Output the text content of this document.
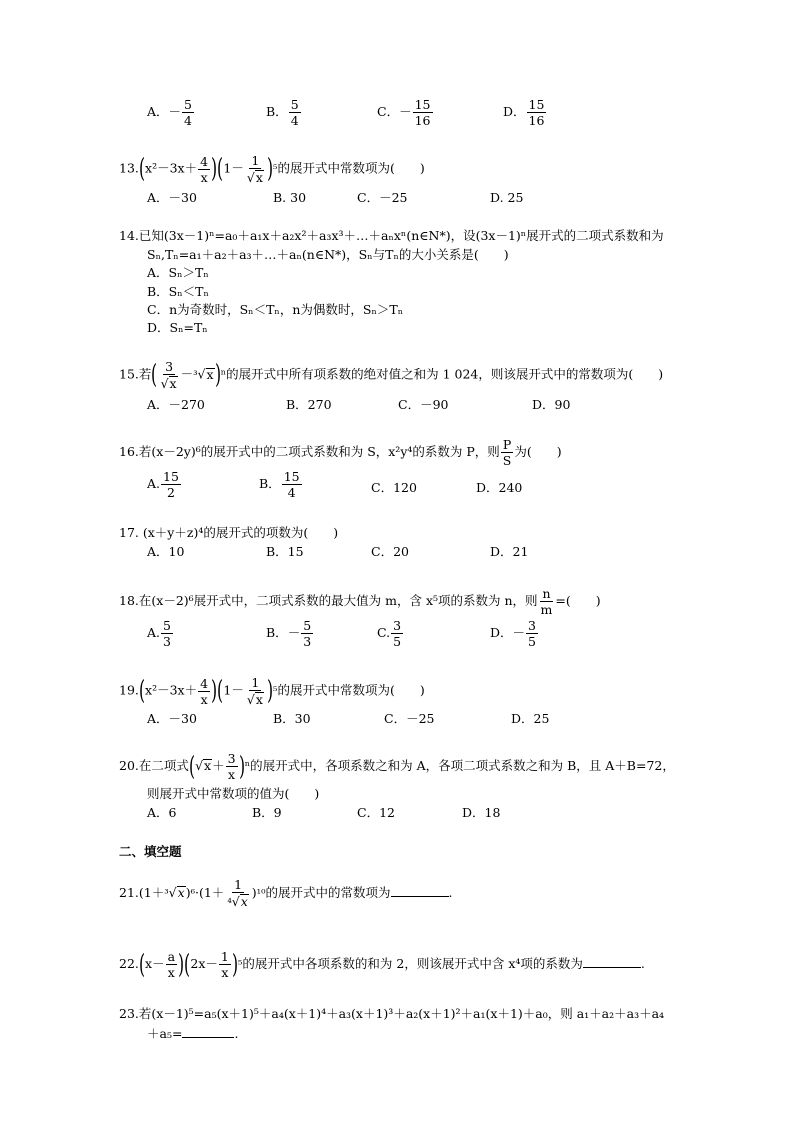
A．－ $\frac{5}{4}$	B． $\frac{5}{4}$	C．－ $\frac{15}{16}$	D． $\frac{15}{16}$
$13.(x^2-3x+ \frac{4}{x} )(1- \frac{1}{√x} )^5$的展开式中常数项为(　　)
A．－30	B. 30	C．－25	D. 25
14.已知(3x－1)ⁿ=a₀＋a₁x＋a₂x²＋a₃x³＋…＋aₙxⁿ(n∈N*)，设(3x－1)ⁿ展开式的二项式系数和为
Sₙ,Tₙ=a₁＋a₂＋a₃＋…＋aₙ(n∈N*)，Sₙ与Tₙ的大小关系是(　　)
A．Sₙ＞Tₙ
B．Sₙ＜Tₙ
C．n为奇数时，Sₙ＜Tₙ，n为偶数时，Sₙ＞Tₙ
D．Sₙ=Tₙ
15.若( $\frac{3}{√x} -^3√x)^n$的展开式中所有项系数的绝对值之和为 1 024，则该展开式中的常数项为(　　)
A．－270	B．270	C．－90	D．90
16.若(x－2y)⁶的展开式中的二项式系数和为 S，x²y⁴的系数为 P，则 $\frac{P}{S}$ 为(　　)
A. $\frac{15}{2}$	B． $\frac{15}{4}$	C．120	D．240
17. (x＋y＋z)⁴的展开式的项数为(　　)
A．10	B．15	C．20	D．21
18.在(x－2)⁶展开式中，二项式系数的最大值为 m，含 x⁵项的系数为 n，则 $\frac{n}{m}$ =(　　)
A. $\frac{5}{3}$	B．－ $\frac{5}{3}$	C. $\frac{3}{5}$	D．－ $\frac{3}{5}$
$19.(x^2-3x+ \frac{4}{x} )(1- \frac{1}{√x} )^5$的展开式中常数项为(　　)
A．－30	B．30	C．－25	D．25
20.在二项式$(√x+ \frac{3}{x} )^n$的展开式中，各项系数之和为 A，各项二项式系数之和为 B，且 A＋B=72，
则展开式中常数项的值为(　　)
A．6	B．9	C．12	D．18
二、填空题
$21.(1+^3√x)^6\cdot(1+ \frac{1}{\text{⁴√x}} )^{10}$的展开式中的常数项为	.
$22.(x- \frac{a}{x} )(2x- \frac{1}{x} )^5$的展开式中各项系数的和为 2，则该展开式中含 x⁴项的系数为	.
23.若(x－1)⁵=a₅(x＋1)⁵＋a₄(x＋1)⁴＋a₃(x＋1)³＋a₂(x＋1)²＋a₁(x＋1)＋a₀，则 a₁＋a₂＋a₃＋a₄
＋a₅=	.
